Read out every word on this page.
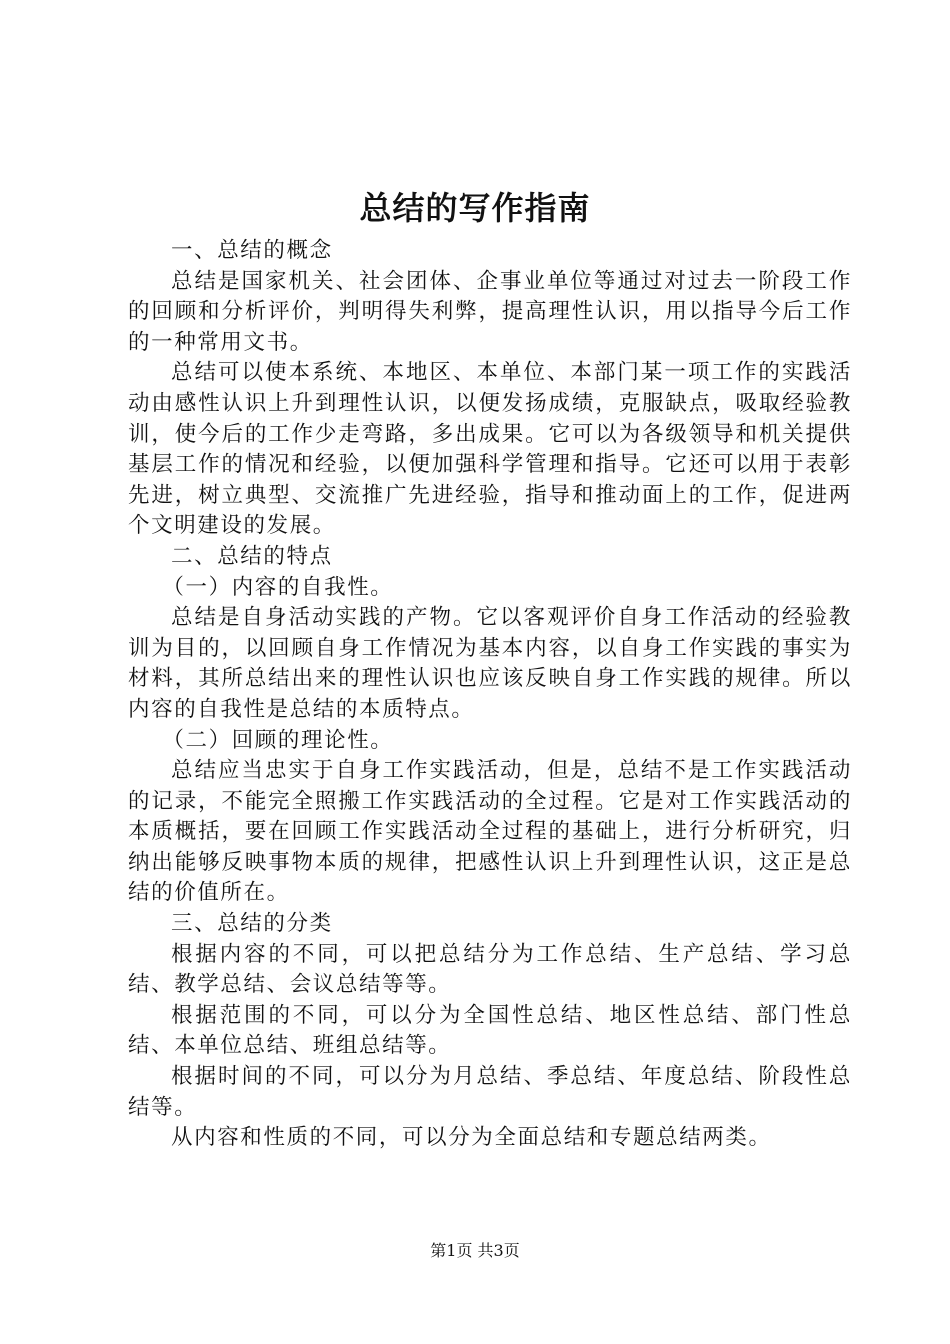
总结的写作指南

一、总结的概念

总结是国家机关、社会团体、企事业单位等通过对过去一阶段工作的回顾和分析评价，判明得失利弊，提高理性认识，用以指导今后工作的一种常用文书。

总结可以使本系统、本地区、本单位、本部门某一项工作的实践活动由感性认识上升到理性认识，以便发扬成绩，克服缺点，吸取经验教训，使今后的工作少走弯路，多出成果。它可以为各级领导和机关提供基层工作的情况和经验，以便加强科学管理和指导。它还可以用于表彰先进，树立典型、交流推广先进经验，指导和推动面上的工作，促进两个文明建设的发展。

二、总结的特点

（一）内容的自我性。

总结是自身活动实践的产物。它以客观评价自身工作活动的经验教训为目的，以回顾自身工作情况为基本内容，以自身工作实践的事实为材料，其所总结出来的理性认识也应该反映自身工作实践的规律。所以内容的自我性是总结的本质特点。

（二）回顾的理论性。

总结应当忠实于自身工作实践活动，但是，总结不是工作实践活动的记录，不能完全照搬工作实践活动的全过程。它是对工作实践活动的本质概括，要在回顾工作实践活动全过程的基础上，进行分析研究，归纳出能够反映事物本质的规律，把感性认识上升到理性认识，这正是总结的价值所在。

三、总结的分类

根据内容的不同，可以把总结分为工作总结、生产总结、学习总结、教学总结、会议总结等等。

根据范围的不同，可以分为全国性总结、地区性总结、部门性总结、本单位总结、班组总结等。

根据时间的不同，可以分为月总结、季总结、年度总结、阶段性总结等。

从内容和性质的不同，可以分为全面总结和专题总结两类。

第1页 共3页
